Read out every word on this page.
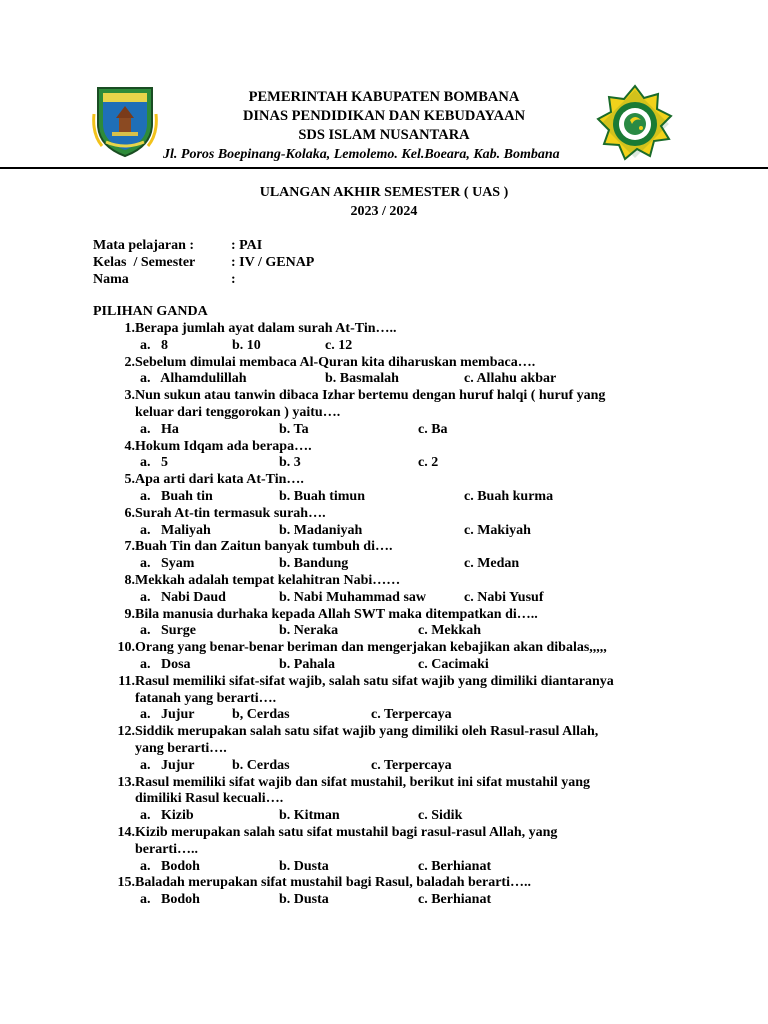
PEMERINTAH KABUPATEN BOMBANA
DINAS PENDIDIKAN DAN KEBUDAYAAN
SDS ISLAM NUSANTARA
Jl. Poros Boepinang-Kolaka, Lemolemo. Kel.Boeara, Kab. Bombana
ULANGAN AKHIR SEMESTER ( UAS )
2023 / 2024
Mata pelajaran :	: PAI
Kelas  / Semester	: IV / GENAP
Nama	:
PILIHAN GANDA
1. Berapa jumlah ayat dalam surah At-Tin…..
a.   8	b. 10	c. 12
2. Sebelum dimulai membaca Al-Quran kita diharuskan membaca….
a.   Alhamdulillah	b. Basmalah	c. Allahu akbar
3. Nun sukun atau tanwin dibaca Izhar bertemu dengan huruf halqi ( huruf yang
keluar dari tenggorokan ) yaitu….
a.   Ha	b. Ta	c. Ba
4. Hokum Idqam ada berapa….
a.   5	b. 3	c. 2
5. Apa arti dari kata At-Tin….
a.   Buah tin	b. Buah timun	c. Buah kurma
6. Surah At-tin termasuk surah….
a.   Maliyah	b. Madaniyah	c. Makiyah
7. Buah Tin dan Zaitun banyak tumbuh di….
a.   Syam	b. Bandung	c. Medan
8. Mekkah adalah tempat kelahitran Nabi……
a.   Nabi Daud	b. Nabi Muhammad saw	c. Nabi Yusuf
9. Bila manusia durhaka kepada Allah SWT maka ditempatkan di…..
a.   Surge	b. Neraka	c. Mekkah
10. Orang yang benar-benar beriman dan mengerjakan kebajikan akan dibalas,,,,,
a.   Dosa	b. Pahala	c. Cacimaki
11. Rasul memiliki sifat-sifat wajib, salah satu sifat wajib yang dimiliki diantaranya
fatanah yang berarti….
a.   Jujur	b, Cerdas	c. Terpercaya
12. Siddik merupakan salah satu sifat wajib yang dimiliki oleh Rasul-rasul Allah,
yang berarti….
a.   Jujur	b. Cerdas	c. Terpercaya
13. Rasul memiliki sifat wajib dan sifat mustahil, berikut ini sifat mustahil yang
dimiliki Rasul kecuali….
a.   Kizib	b. Kitman	c. Sidik
14. Kizib merupakan salah satu sifat mustahil bagi rasul-rasul Allah, yang
berarti…..
a.   Bodoh	b. Dusta	c. Berhianat
15. Baladah merupakan sifat mustahil bagi Rasul, baladah berarti…..
a.   Bodoh	b. Dusta	c. Berhianat
